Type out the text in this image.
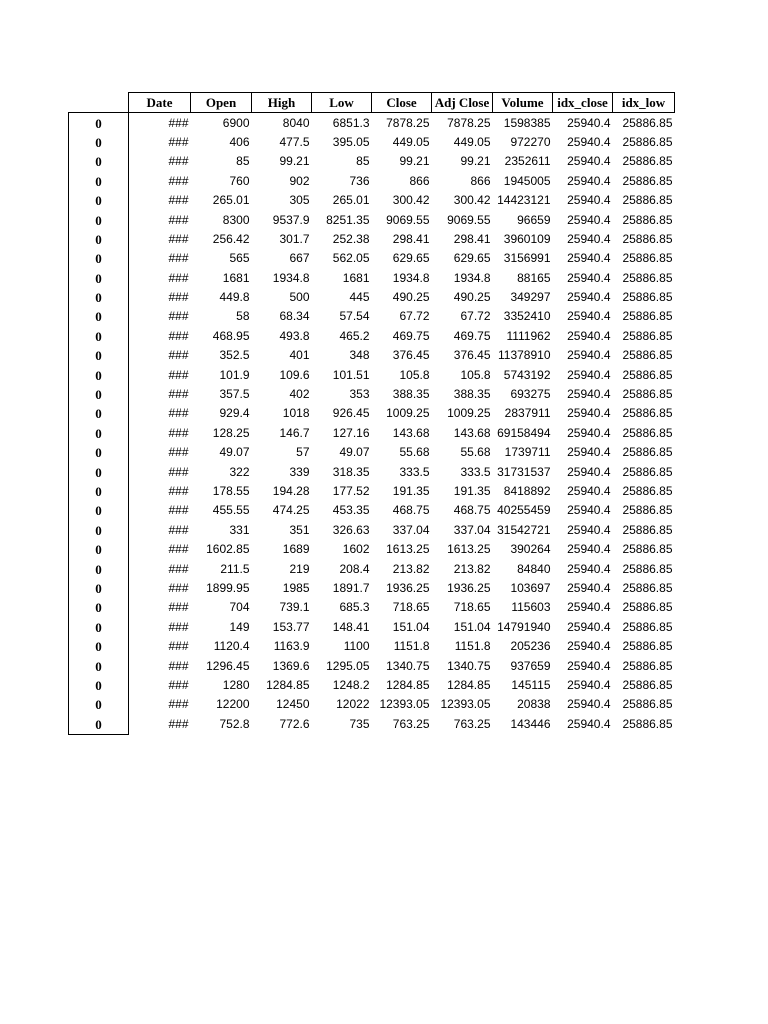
	Date	Open	High	Low	Close	Adj Close	Volume	idx_close	idx_low
0	###	6900	8040	6851.3	7878.25	7878.25	1598385	25940.4	25886.85
0	###	406	477.5	395.05	449.05	449.05	972270	25940.4	25886.85
0	###	85	99.21	85	99.21	99.21	2352611	25940.4	25886.85
0	###	760	902	736	866	866	1945005	25940.4	25886.85
0	###	265.01	305	265.01	300.42	300.42	14423121	25940.4	25886.85
0	###	8300	9537.9	8251.35	9069.55	9069.55	96659	25940.4	25886.85
0	###	256.42	301.7	252.38	298.41	298.41	3960109	25940.4	25886.85
0	###	565	667	562.05	629.65	629.65	3156991	25940.4	25886.85
0	###	1681	1934.8	1681	1934.8	1934.8	88165	25940.4	25886.85
0	###	449.8	500	445	490.25	490.25	349297	25940.4	25886.85
0	###	58	68.34	57.54	67.72	67.72	3352410	25940.4	25886.85
0	###	468.95	493.8	465.2	469.75	469.75	1111962	25940.4	25886.85
0	###	352.5	401	348	376.45	376.45	11378910	25940.4	25886.85
0	###	101.9	109.6	101.51	105.8	105.8	5743192	25940.4	25886.85
0	###	357.5	402	353	388.35	388.35	693275	25940.4	25886.85
0	###	929.4	1018	926.45	1009.25	1009.25	2837911	25940.4	25886.85
0	###	128.25	146.7	127.16	143.68	143.68	69158494	25940.4	25886.85
0	###	49.07	57	49.07	55.68	55.68	1739711	25940.4	25886.85
0	###	322	339	318.35	333.5	333.5	31731537	25940.4	25886.85
0	###	178.55	194.28	177.52	191.35	191.35	8418892	25940.4	25886.85
0	###	455.55	474.25	453.35	468.75	468.75	40255459	25940.4	25886.85
0	###	331	351	326.63	337.04	337.04	31542721	25940.4	25886.85
0	###	1602.85	1689	1602	1613.25	1613.25	390264	25940.4	25886.85
0	###	211.5	219	208.4	213.82	213.82	84840	25940.4	25886.85
0	###	1899.95	1985	1891.7	1936.25	1936.25	103697	25940.4	25886.85
0	###	704	739.1	685.3	718.65	718.65	115603	25940.4	25886.85
0	###	149	153.77	148.41	151.04	151.04	14791940	25940.4	25886.85
0	###	1120.4	1163.9	1100	1151.8	1151.8	205236	25940.4	25886.85
0	###	1296.45	1369.6	1295.05	1340.75	1340.75	937659	25940.4	25886.85
0	###	1280	1284.85	1248.2	1284.85	1284.85	145115	25940.4	25886.85
0	###	12200	12450	12022	12393.05	12393.05	20838	25940.4	25886.85
0	###	752.8	772.6	735	763.25	763.25	143446	25940.4	25886.85
